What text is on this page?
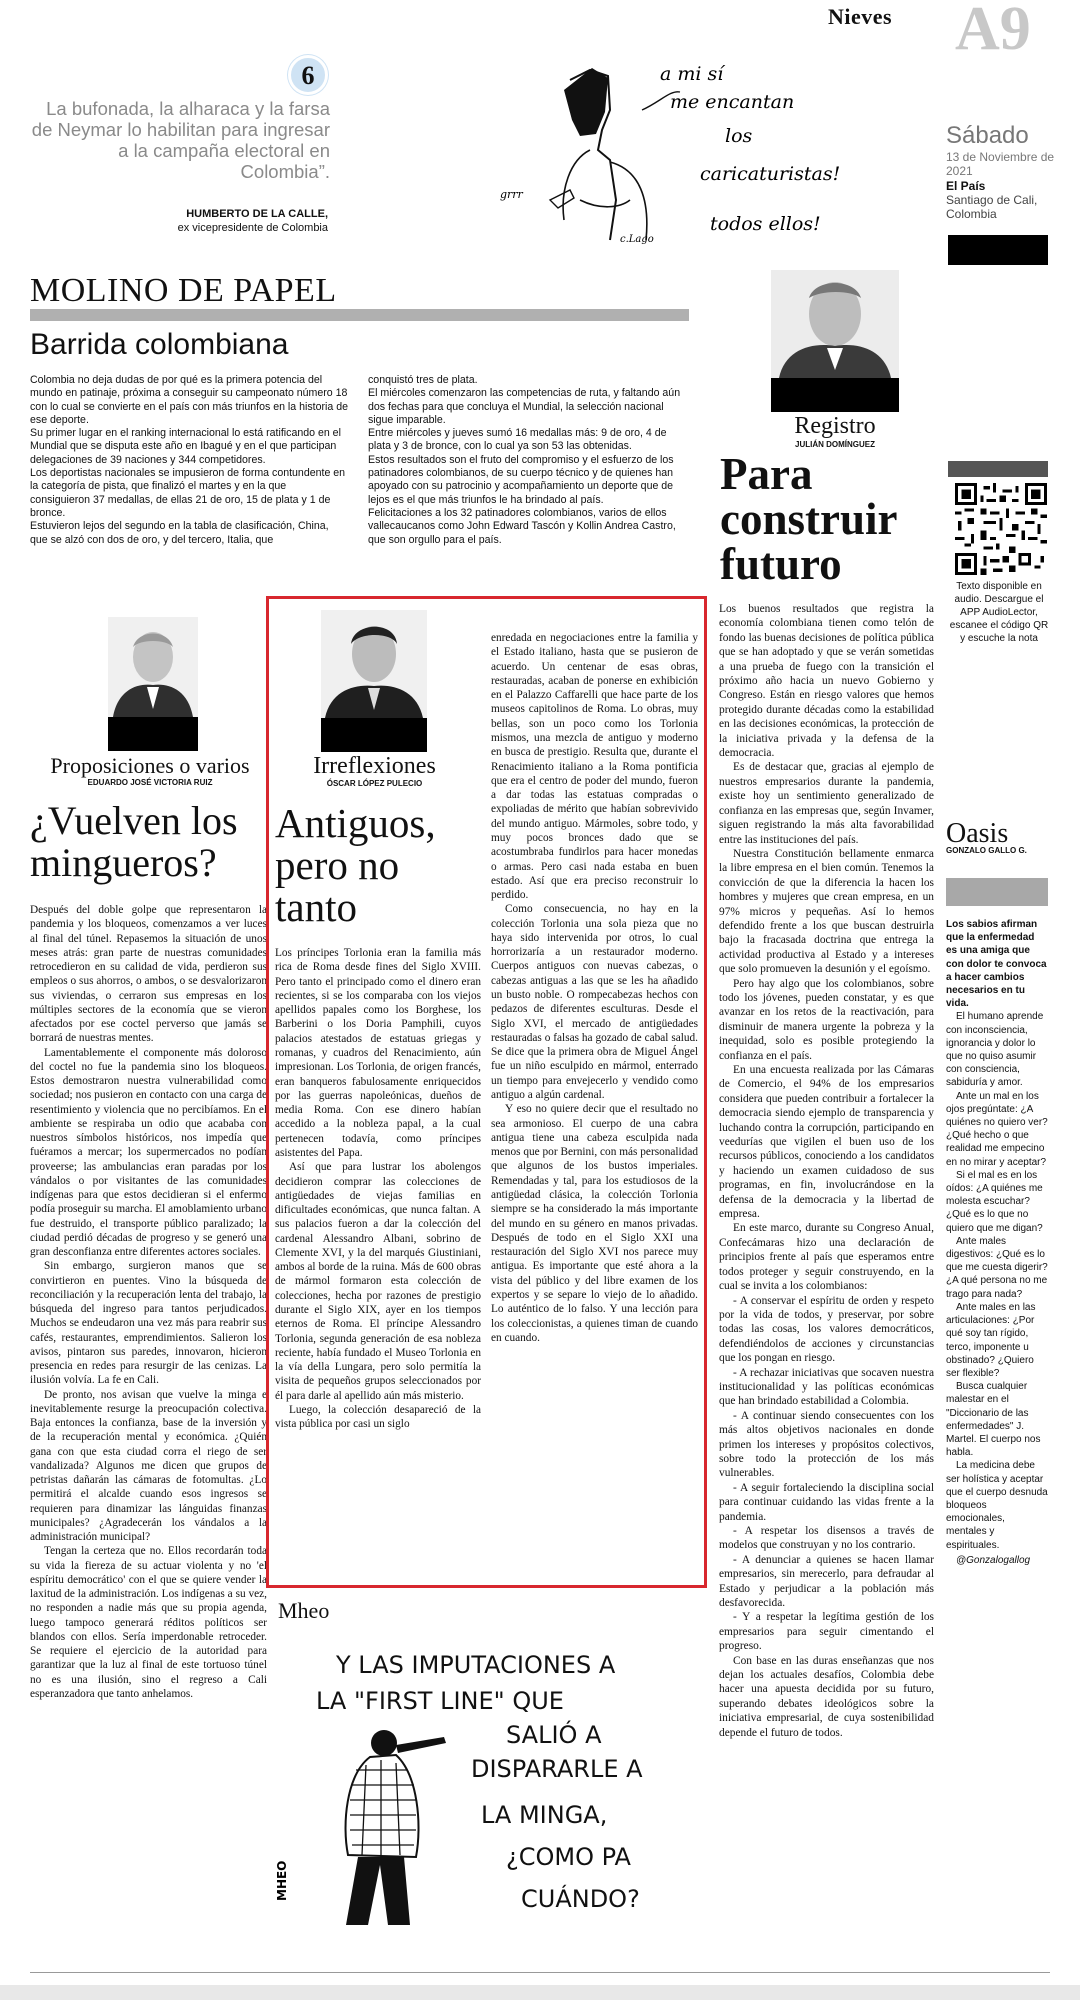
Nieves A9
6
La bufonada, la alharaca y la farsa de Neymar lo habilitan para ingresar a la campaña electoral en Colombia”.
HUMBERTO DE LA CALLE,
ex vicepresidente de Colombia
Sábado
13 de Noviembre de 2021
El País
Santiago de Cali, Colombia
a mi sí
me encantan
los
caricaturistas!
todos ellos!
grrr
c.Lago
MOLINO DE PAPEL
Barrida colombiana

Colombia no deja dudas de por qué es la primera potencia del mundo en patinaje, próxima a conseguir su campeonato número 18 con lo cual se convierte en el país con más triunfos en la historia de ese deporte.

Su primer lugar en el ranking internacional lo está ratificando en el Mundial que se disputa este año en Ibagué y en el que participan delegaciones de 39 naciones y 344 competidores.

Los deportistas nacionales se impusieron de forma contundente en la categoría de pista, que finalizó el martes y en la que consiguieron 37 medallas, de ellas 21 de oro, 15 de plata y 1 de bronce.

Estuvieron lejos del segundo en la tabla de clasificación, China, que se alzó con dos de oro, y del tercero, Italia, que

conquistó tres de plata.

El miércoles comenzaron las competencias de ruta, y faltando aún dos fechas para que concluya el Mundial, la selección nacional sigue imparable.

Entre miércoles y jueves sumó 16 medallas más: 9 de oro, 4 de plata y 3 de bronce, con lo cual ya son 53 las obtenidas.

Estos resultados son el fruto del compromiso y el esfuerzo de los patinadores colombianos, de su cuerpo técnico y de quienes han apoyado con su patrocinio y acompañamiento un deporte que de lejos es el que más triunfos le ha brindado al país.

Felicitaciones a los 32 patinadores colombianos, varios de ellos vallecaucanos como John Edward Tascón y Kollin Andrea Castro, que son orgullo para el país.

Registro
JULIÁN DOMÍNGUEZ
Para construir futuro

Los buenos resultados que registra la economía colombiana tienen como telón de fondo las buenas decisiones de política pública que se han adoptado y que se verán sometidas a una prueba de fuego con la transición el próximo año hacia un nuevo Gobierno y Congreso. Están en riesgo valores que hemos protegido durante décadas como la estabilidad en las decisiones económicas, la protección de la iniciativa privada y la defensa de la democracia.

Es de destacar que, gracias al ejemplo de nuestros empresarios durante la pandemia, existe hoy un sentimiento generalizado de confianza en las empresas que, según Invamer, siguen registrando la más alta favorabilidad entre las instituciones del país.

Nuestra Constitución bellamente enmarca la libre empresa en el bien común. Tenemos la convicción de que la diferencia la hacen los hombres y mujeres que crean empresa, en un 97% micros y pequeñas. Así lo hemos defendido frente a los que buscan destruirla bajo la fracasada doctrina que entrega la actividad productiva al Estado y a intereses que solo promueven la desunión y el egoísmo.

Pero hay algo que los colombianos, sobre todo los jóvenes, pueden constatar, y es que avanzar en los retos de la reactivación, para disminuir de manera urgente la pobreza y la inequidad, solo es posible protegiendo la confianza en el país.

En una encuesta realizada por las Cámaras de Comercio, el 94% de los empresarios considera que pueden contribuir a fortalecer la democracia siendo ejemplo de transparencia y luchando contra la corrupción, participando en veedurías que vigilen el buen uso de los recursos públicos, conociendo a los candidatos y haciendo un examen cuidadoso de sus programas, en fin, involucrándose en la defensa de la democracia y la libertad de empresa.

En este marco, durante su Congreso Anual, Confecámaras hizo una declaración de principios frente al país que esperamos entre todos proteger y seguir construyendo, en la cual se invita a los colombianos:

- A conservar el espíritu de orden y respeto por la vida de todos, y preservar, por sobre todas las cosas, los valores democráticos, defendiéndolos de acciones y circunstancias que los pongan en riesgo.

- A rechazar iniciativas que socaven nuestra institucionalidad y las políticas económicas que han brindado estabilidad a Colombia.

- A continuar siendo consecuentes con los más altos objetivos nacionales en donde primen los intereses y propósitos colectivos, sobre todo la protección de los más vulnerables.

- A seguir fortaleciendo la disciplina social para continuar cuidando las vidas frente a la pandemia.

- A respetar los disensos a través de modelos que construyan y no los contrario.

- A denunciar a quienes se hacen llamar empresarios, sin merecerlo, para defraudar al Estado y perjudicar a la población más desfavorecida.

- Y a respetar la legítima gestión de los empresarios para seguir cimentando el progreso.

Con base en las duras enseñanzas que nos dejan los actuales desafíos, Colombia debe hacer una apuesta decidida por su futuro, superando debates ideológicos sobre la iniciativa empresarial, de cuya sostenibilidad depende el futuro de todos.

Texto disponible en audio. Descargue el APP AudioLector, escanee el código QR y escuche la nota
Oasis
GONZALO GALLO G.

Los sabios afirman que la enfermedad es una amiga que con dolor te convoca a hacer cambios necesarios en tu vida.

El humano aprende con inconsciencia, ignorancia y dolor lo que no quiso asumir con consciencia, sabiduría y amor.

Ante un mal en los ojos pregúntate: ¿A quiénes no quiero ver? ¿Qué hecho o que realidad me empecino en no mirar y aceptar?

Si el mal es en los oídos: ¿A quiénes me molesta escuchar? ¿Qué es lo que no quiero que me digan?

Ante males digestivos: ¿Qué es lo que me cuesta digerir? ¿A qué persona no me trago para nada?

Ante males en las articulaciones: ¿Por qué soy tan rígido, terco, imponente u obstinado? ¿Quiero ser flexible?

Busca cualquier malestar en el "Diccionario de las enfermedades" J. Martel. El cuerpo nos habla.

La medicina debe ser holística y aceptar que el cuerpo desnuda bloqueos emocionales, mentales y espirituales.

@Gonzalogallog

Proposiciones o varios
EDUARDO JOSÉ VICTORIA RUIZ
¿Vuelven los mingueros?

Después del doble golpe que representaron la pandemia y los bloqueos, comenzamos a ver luces al final del túnel. Repasemos la situación de unos meses atrás: gran parte de nuestras comunidades retrocedieron en su calidad de vida, perdieron sus empleos o sus ahorros, o ambos, o se desvalorizaron sus viviendas, o cerraron sus empresas en los múltiples sectores de la economía que se vieron afectados por ese coctel perverso que jamás se borrará de nuestras mentes.

Lamentablemente el componente más doloroso del coctel no fue la pandemia sino los bloqueos. Estos demostraron nuestra vulnerabilidad como sociedad; nos pusieron en contacto con una carga de resentimiento y violencia que no percibíamos. En el ambiente se respiraba un odio que acababa con nuestros símbolos históricos, nos impedía que fuéramos a mercar; los supermercados no podían proveerse; las ambulancias eran paradas por los vándalos o por visitantes de las comunidades indígenas para que estos decidieran si el enfermo podía proseguir su marcha. El amoblamiento urbano fue destruido, el transporte público paralizado; la ciudad perdió décadas de progreso y se generó una gran desconfianza entre diferentes actores sociales.

Sin embargo, surgieron manos que se convirtieron en puentes. Vino la búsqueda de reconciliación y la recuperación lenta del trabajo, la búsqueda del ingreso para tantos perjudicados. Muchos se endeudaron una vez más para reabrir sus cafés, restaurantes, emprendimientos. Salieron los avisos, pintaron sus paredes, innovaron, hicieron presencia en redes para resurgir de las cenizas. La ilusión volvía. La fe en Cali.

De pronto, nos avisan que vuelve la minga e inevitablemente resurge la preocupación colectiva. Baja entonces la confianza, base de la inversión y de la recuperación mental y económica. ¿Quién gana con que esta ciudad corra el riego de ser vandalizada? Algunos me dicen que grupos de petristas dañarán las cámaras de fotomultas. ¿Lo permitirá el alcalde cuando esos ingresos se requieren para dinamizar las lánguidas finanzas municipales? ¿Agradecerán los vándalos a la administración municipal?

Tengan la certeza que no. Ellos recordarán toda su vida la fiereza de su actuar violenta y no 'el espíritu democrático' con el que se quiere vender la laxitud de la administración. Los indígenas a su vez, no responden a nadie más que su propia agenda, luego tampoco generará réditos políticos ser blandos con ellos. Sería imperdonable retroceder. Se requiere el ejercicio de la autoridad para garantizar que la luz al final de este tortuoso túnel no es una ilusión, sino el regreso a Cali esperanzadora que tanto anhelamos.

Irreflexiones
ÓSCAR LÓPEZ PULECIO
Antiguos, pero no tanto

Los príncipes Torlonia eran la familia más rica de Roma desde fines del Siglo XVIII. Pero tanto el principado como el dinero eran recientes, si se los comparaba con los viejos apellidos papales como los Borghese, los Barberini o los Doria Pamphili, cuyos palacios atestados de estatuas griegas y romanas, y cuadros del Renacimiento, aún impresionan. Los Torlonia, de origen francés, eran banqueros fabulosamente enriquecidos por las guerras napoleónicas, dueños de media Roma. Con ese dinero habían accedido a la nobleza papal, a la cual pertenecen todavía, como príncipes asistentes del Papa.

Así que para lustrar los abolengos decidieron comprar las colecciones de antigüedades de viejas familias en dificultades económicas, que nunca faltan. A sus palacios fueron a dar la colección del cardenal Alessandro Albani, sobrino de Clemente XVI, y la del marqués Giustiniani, ambos al borde de la ruina. Más de 600 obras de mármol formaron esta colección de colecciones, hecha por razones de prestigio durante el Siglo XIX, ayer en los tiempos eternos de Roma. El príncipe Alessandro Torlonia, segunda generación de esa nobleza reciente, había fundado el Museo Torlonia en la vía della Lungara, pero solo permitía la visita de pequeños grupos seleccionados por él para darle al apellido aún más misterio.

Luego, la colección desapareció de la vista pública por casi un siglo

enredada en negociaciones entre la familia y el Estado italiano, hasta que se pusieron de acuerdo. Un centenar de esas obras, restauradas, acaban de ponerse en exhibición en el Palazzo Caffarelli que hace parte de los museos capitolinos de Roma. Lo obras, muy bellas, son un poco como los Torlonia mismos, una mezcla de antiguo y moderno en busca de prestigio. Resulta que, durante el Renacimiento italiano a la Roma pontificia que era el centro de poder del mundo, fueron a dar todas las estatuas compradas o expoliadas de mérito que habían sobrevivido del mundo antiguo. Mármoles, sobre todo, y muy pocos bronces dado que se acostumbraba fundirlos para hacer monedas o armas. Pero casi nada estaba en buen estado. Así que era preciso reconstruir lo perdido.

Como consecuencia, no hay en la colección Torlonia una sola pieza que no haya sido intervenida por otros, lo cual horrorizaría a un restaurador moderno. Cuerpos antiguos con nuevas cabezas, o cabezas antiguas a las que se les ha añadido un busto noble. O rompecabezas hechos con pedazos de diferentes esculturas. Desde el Siglo XVI, el mercado de antigüedades restauradas o falsas ha gozado de cabal salud. Se dice que la primera obra de Miguel Ángel fue un niño esculpido en mármol, enterrado un tiempo para envejecerlo y vendido como antiguo a algún cardenal.

Y eso no quiere decir que el resultado no sea armonioso. El cuerpo de una cabra antigua tiene una cabeza esculpida nada menos que por Bernini, con más personalidad que algunos de los bustos imperiales. Remendadas y tal, para los estudiosos de la antigüedad clásica, la colección Torlonia siempre se ha considerado la más importante del mundo en su género en manos privadas. Después de todo en el Siglo XXI una restauración del Siglo XVI nos parece muy antigua. Es importante que esté ahora a la vista del público y del libre examen de los expertos y se separe lo viejo de lo añadido. Lo auténtico de lo falso. Y una lección para los coleccionistas, a quienes timan de cuando en cuando.

Mheo
Y LAS IMPUTACIONES A
LA "FIRST LINE" QUE
SALIÓ A
DISPARARLE A
LA MINGA,
¿COMO PA
CUÁNDO?
MHEO
